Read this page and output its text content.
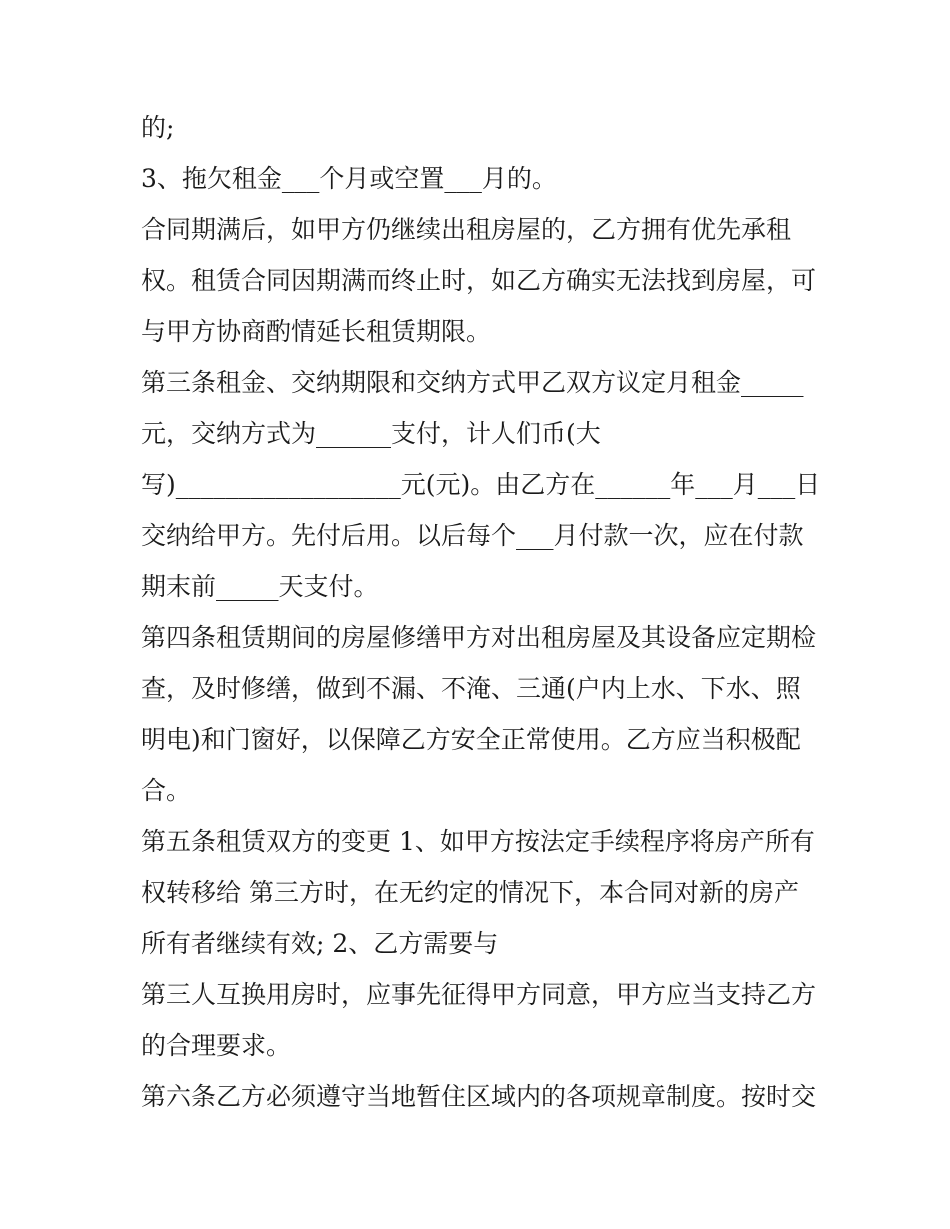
的;
3、拖欠租金___个月或空置___月的。
合同期满后，如甲方仍继续出租房屋的，乙方拥有优先承租
权。租赁合同因期满而终止时，如乙方确实无法找到房屋，可
与甲方协商酌情延长租赁期限。
第三条租金、交纳期限和交纳方式甲乙双方议定月租金_____
元，交纳方式为______支付，计人们币(大
写)__________________元(元)。由乙方在______年___月___日
交纳给甲方。先付后用。以后每个___月付款一次，应在付款
期末前_____天支付。
第四条租赁期间的房屋修缮甲方对出租房屋及其设备应定期检
查，及时修缮，做到不漏、不淹、三通(户内上水、下水、照
明电)和门窗好，以保障乙方安全正常使用。乙方应当积极配
合。
第五条租赁双方的变更 1、如甲方按法定手续程序将房产所有
权转移给 第三方时，在无约定的情况下，本合同对新的房产
所有者继续有效; 2、乙方需要与
第三人互换用房时，应事先征得甲方同意，甲方应当支持乙方
的合理要求。
第六条乙方必须遵守当地暂住区域内的各项规章制度。按时交
